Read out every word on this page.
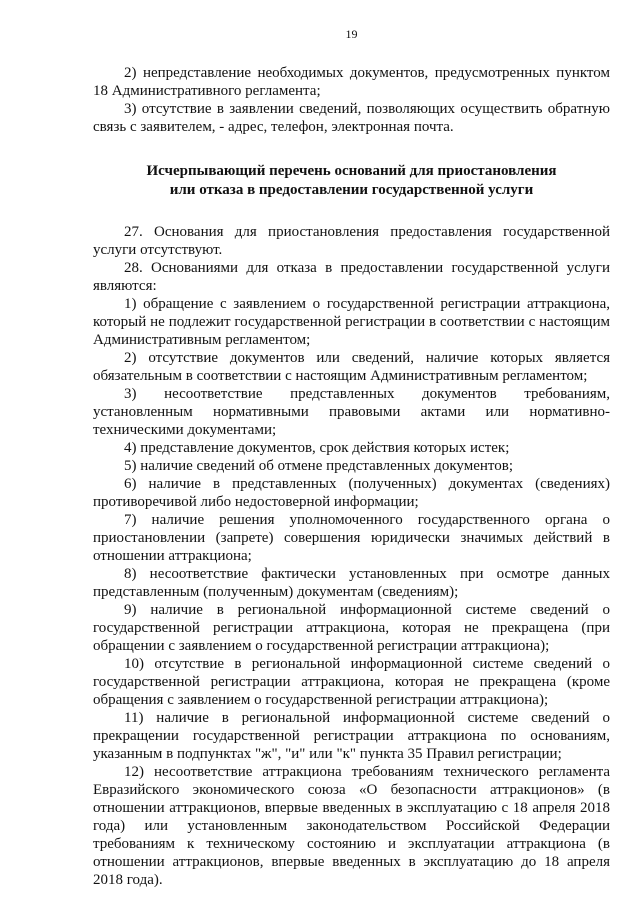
19

2) непредставление необходимых документов, предусмотренных пунктом 18 Административного регламента;

3) отсутствие в заявлении сведений, позволяющих осуществить обратную связь с заявителем, - адрес, телефон, электронная почта.

Исчерпывающий перечень оснований для приостановления
или отказа в предоставлении государственной услуги

27. Основания для приостановления предоставления государственной услуги отсутствуют.

28. Основаниями для отказа в предоставлении государственной услуги являются:

1) обращение с заявлением о государственной регистрации аттракциона, который не подлежит государственной регистрации в соответствии с настоящим Административным регламентом;

2) отсутствие документов или сведений, наличие которых является обязательным в соответствии с настоящим Административным регламентом;

3) несоответствие представленных документов требованиям, установленным нормативными правовыми актами или нормативно-техническими документами;

4) представление документов, срок действия которых истек;

5) наличие сведений об отмене представленных документов;

6) наличие в представленных (полученных) документах (сведениях) противоречивой либо недостоверной информации;

7) наличие решения уполномоченного государственного органа о приостановлении (запрете) совершения юридически значимых действий в отношении аттракциона;

8) несоответствие фактически установленных при осмотре данных представленным (полученным) документам (сведениям);

9) наличие в региональной информационной системе сведений о государственной регистрации аттракциона, которая не прекращена (при обращении с заявлением о государственной регистрации аттракциона);

10) отсутствие в региональной информационной системе сведений о государственной регистрации аттракциона, которая не прекращена (кроме обращения с заявлением о государственной регистрации аттракциона);

11) наличие в региональной информационной системе сведений о прекращении государственной регистрации аттракциона по основаниям, указанным в подпунктах "ж", "и" или "к" пункта 35 Правил регистрации;

12) несоответствие аттракциона требованиям технического регламента Евразийского экономического союза «О безопасности аттракционов» (в отношении аттракционов, впервые введенных в эксплуатацию с 18 апреля 2018 года) или установленным законодательством Российской Федерации требованиям к техническому состоянию и эксплуатации аттракциона (в отношении аттракционов, впервые введенных в эксплуатацию до 18 апреля 2018 года).
